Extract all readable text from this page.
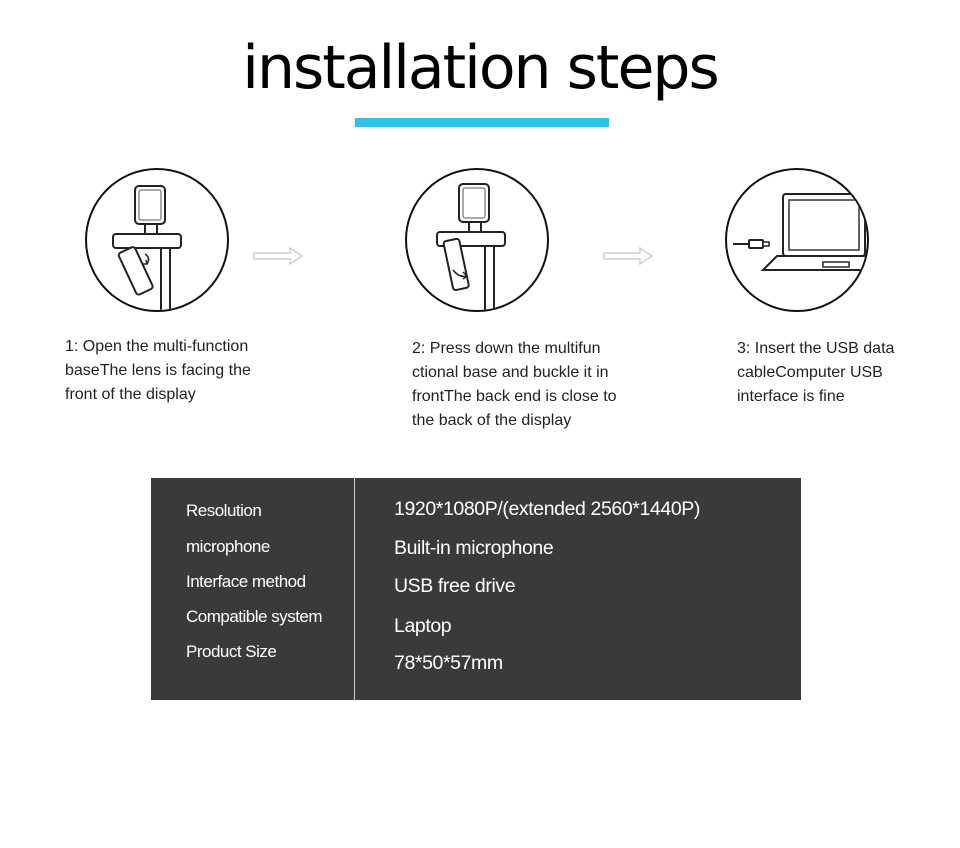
installation steps
1: Open the multi-function
baseThe lens is facing the
front of the display
2: Press down the multifun
ctional base and buckle it in
frontThe back end is close to
the back of the display
3: Insert the USB data
cableComputer USB
interface is fine
Resolution
microphone
Interface method
Compatible system
Product Size
1920*1080P/(extended 2560*1440P)
Built-in microphone
USB free drive
Laptop
78*50*57mm
